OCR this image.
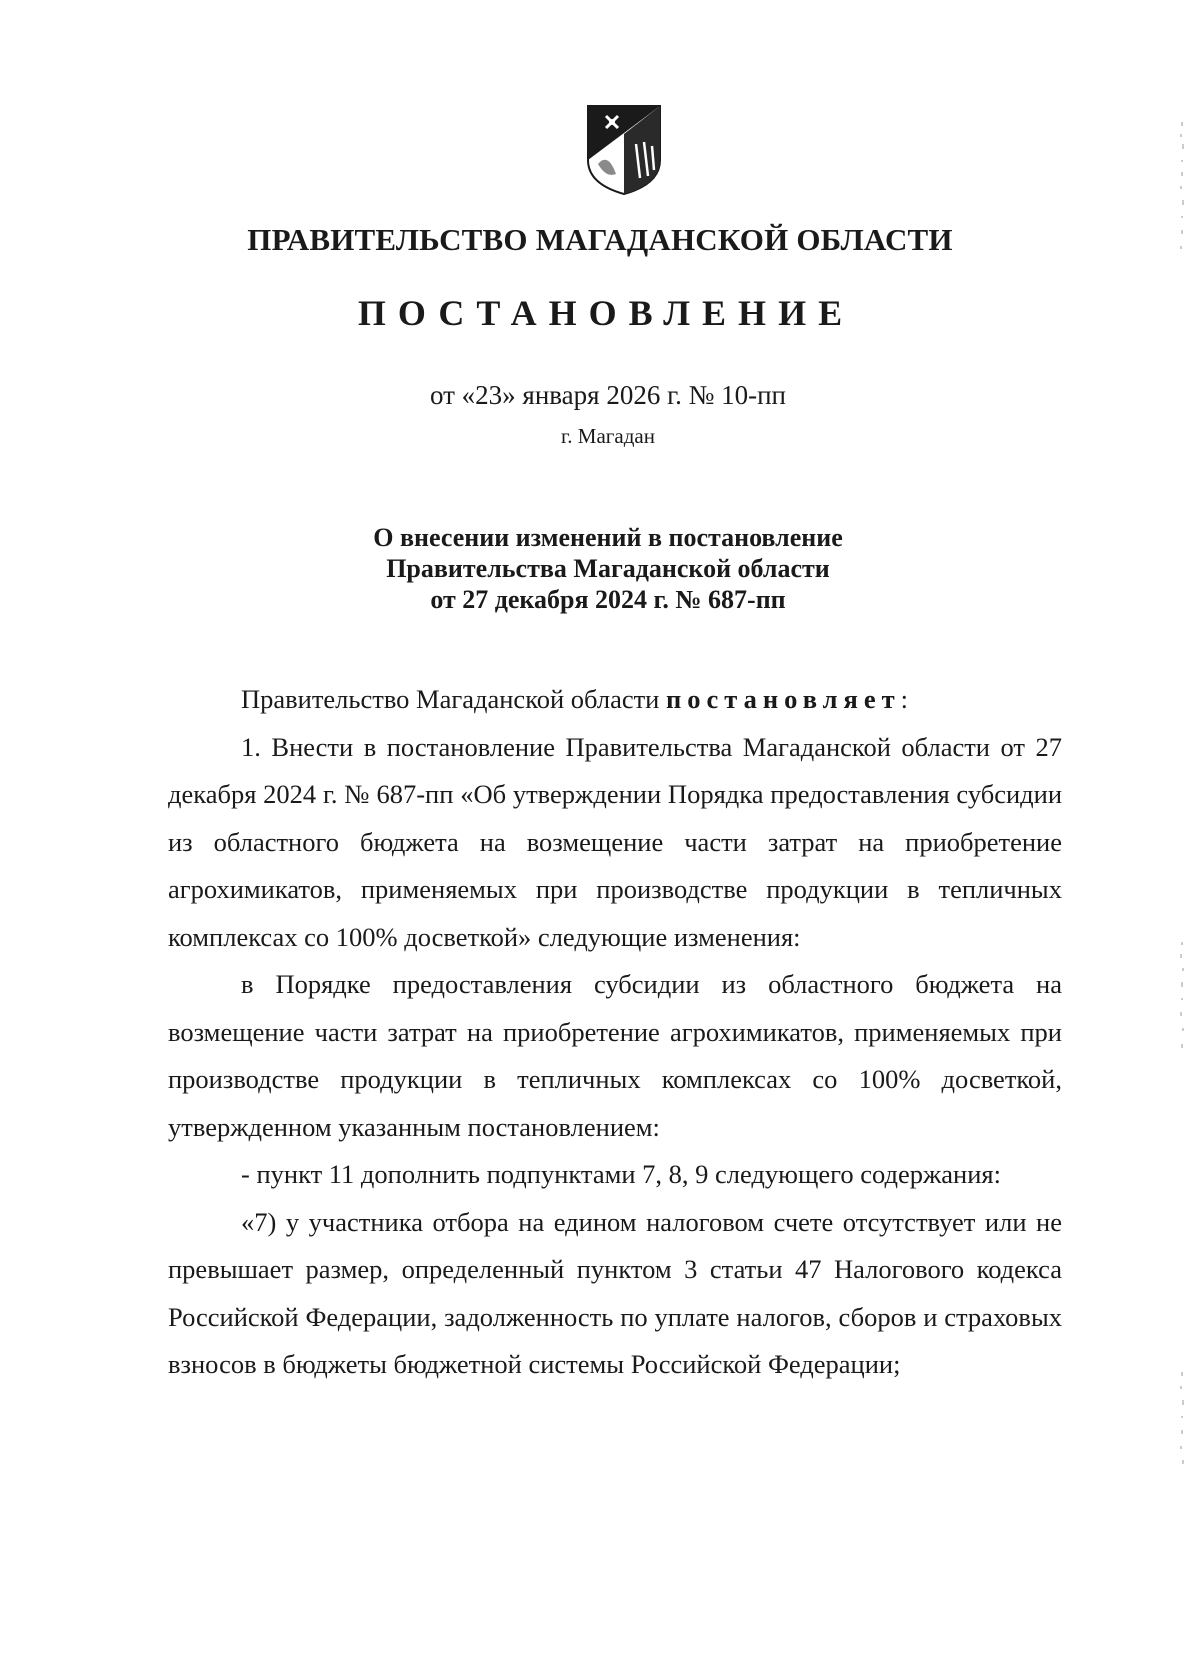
ПРАВИТЕЛЬСТВО МАГАДАНСКОЙ ОБЛАСТИ
ПОСТАНОВЛЕНИЕ
от «23» января 2026 г. № 10-пп
г. Магадан
О внесении изменений в постановление
Правительства Магаданской области
от 27 декабря 2024 г. № 687-пп

Правительство Магаданской области постановляет:

1. Внести в постановление Правительства Магаданской области от 27 декабря 2024 г. № 687-пп «Об утверждении Порядка предоставления субсидии из областного бюджета на возмещение части затрат на приобретение агрохимикатов, применяемых при производстве продукции в тепличных комплексах со 100% досветкой» следующие изменения:

в Порядке предоставления субсидии из областного бюджета на возмещение части затрат на приобретение агрохимикатов, применяемых при производстве продукции в тепличных комплексах со 100% досветкой, утвержденном указанным постановлением:

- пункт 11 дополнить подпунктами 7, 8, 9 следующего содержания:

«7) у участника отбора на едином налоговом счете отсутствует или не превышает размер, определенный пунктом 3 статьи 47 Налогового кодекса Российской Федерации, задолженность по уплате налогов, сборов и страховых взносов в бюджеты бюджетной системы Российской Федерации;
